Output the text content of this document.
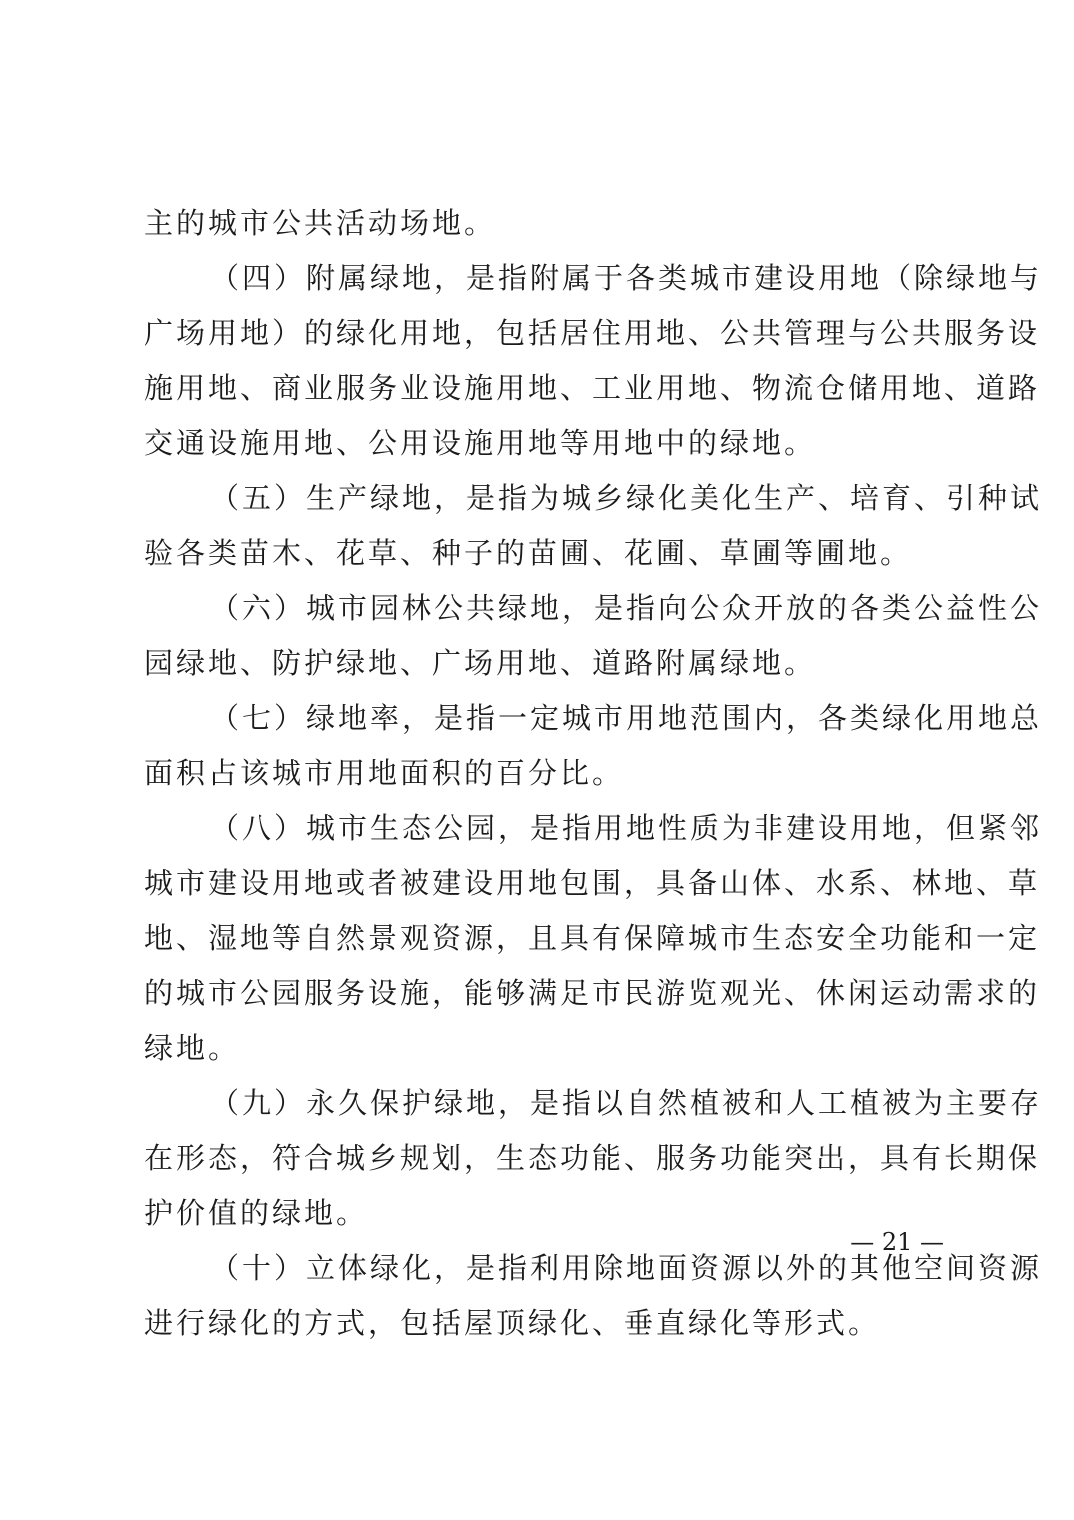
主的城市公共活动场地。
（四）附属绿地，是指附属于各类城市建设用地（除绿地与
广场用地）的绿化用地，包括居住用地、公共管理与公共服务设
施用地、商业服务业设施用地、工业用地、物流仓储用地、道路
交通设施用地、公用设施用地等用地中的绿地。
（五）生产绿地，是指为城乡绿化美化生产、培育、引种试
验各类苗木、花草、种子的苗圃、花圃、草圃等圃地。
（六）城市园林公共绿地，是指向公众开放的各类公益性公
园绿地、防护绿地、广场用地、道路附属绿地。
（七）绿地率，是指一定城市用地范围内，各类绿化用地总
面积占该城市用地面积的百分比。
（八）城市生态公园，是指用地性质为非建设用地，但紧邻
城市建设用地或者被建设用地包围，具备山体、水系、林地、草
地、湿地等自然景观资源，且具有保障城市生态安全功能和一定
的城市公园服务设施，能够满足市民游览观光、休闲运动需求的
绿地。
（九）永久保护绿地，是指以自然植被和人工植被为主要存
在形态，符合城乡规划，生态功能、服务功能突出，具有长期保
护价值的绿地。
（十）立体绿化，是指利用除地面资源以外的其他空间资源
进行绿化的方式，包括屋顶绿化、垂直绿化等形式。
— 21 —
